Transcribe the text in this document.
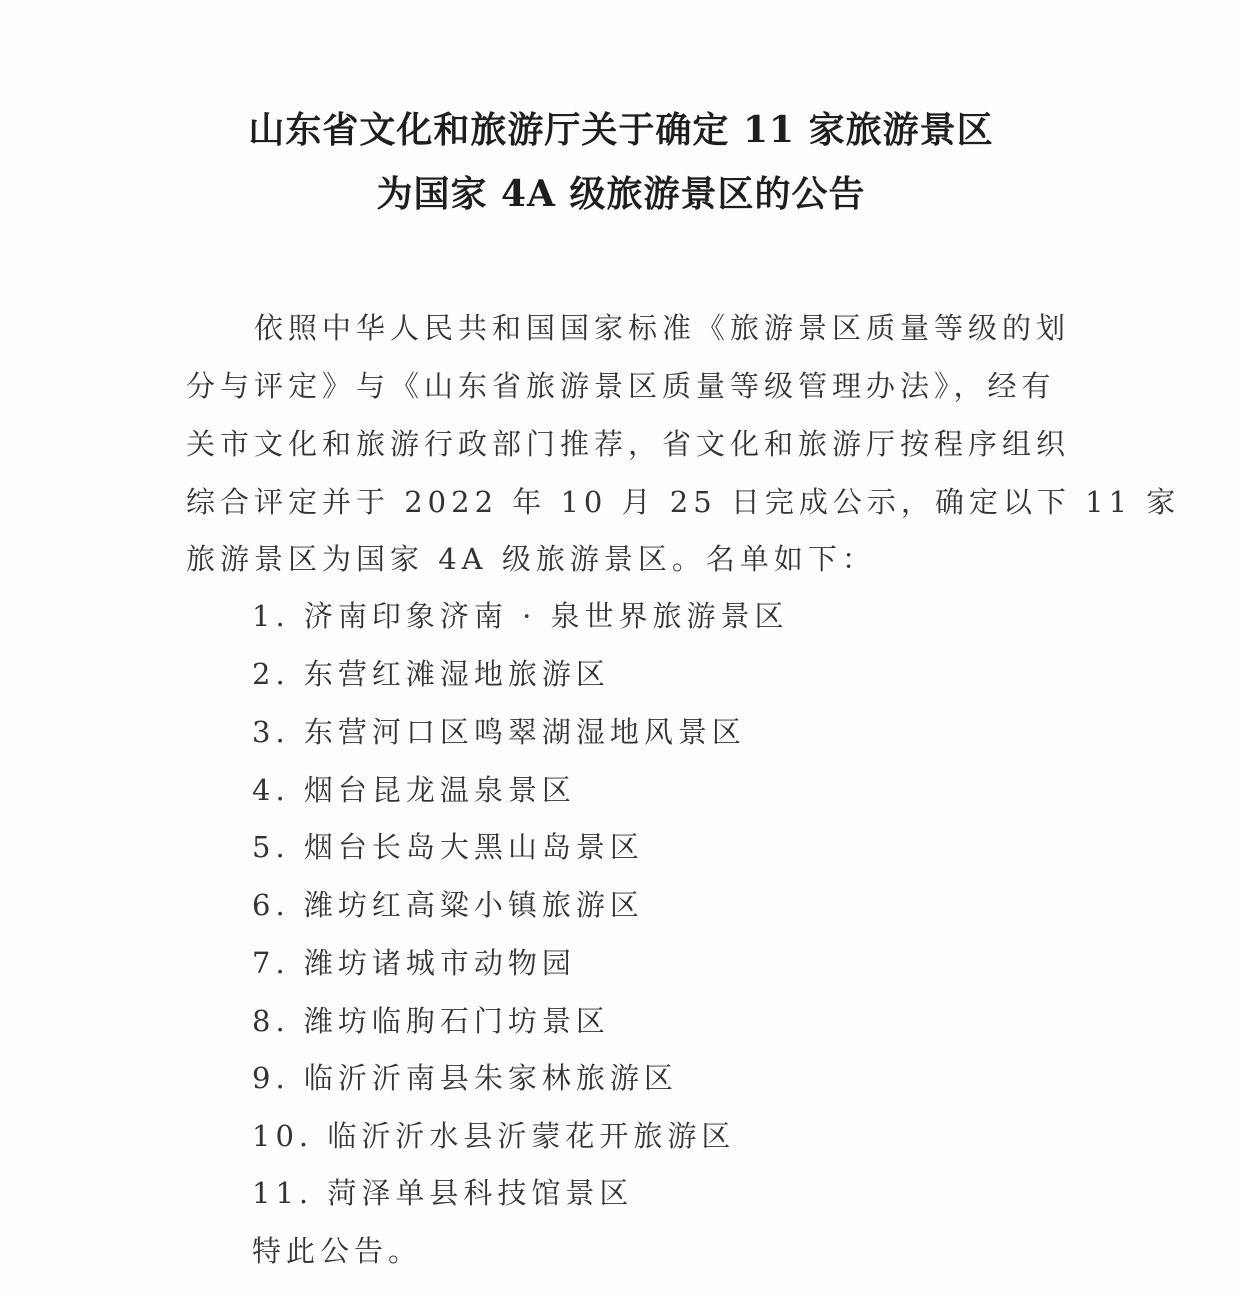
山东省文化和旅游厅关于确定 11 家旅游景区
为国家 4A 级旅游景区的公告
依照中华人民共和国国家标准《旅游景区质量等级的划
分与评定》与《山东省旅游景区质量等级管理办法》，经有
关市文化和旅游行政部门推荐，省文化和旅游厅按程序组织
综合评定并于 2022 年 10 月 25 日完成公示，确定以下 11 家
旅游景区为国家 4A 级旅游景区。名单如下：
1. 济南印象济南 · 泉世界旅游景区
2. 东营红滩湿地旅游区
3. 东营河口区鸣翠湖湿地风景区
4. 烟台昆龙温泉景区
5. 烟台长岛大黑山岛景区
6. 潍坊红高粱小镇旅游区
7. 潍坊诸城市动物园
8. 潍坊临朐石门坊景区
9. 临沂沂南县朱家林旅游区
10. 临沂沂水县沂蒙花开旅游区
11. 菏泽单县科技馆景区
特此公告。
